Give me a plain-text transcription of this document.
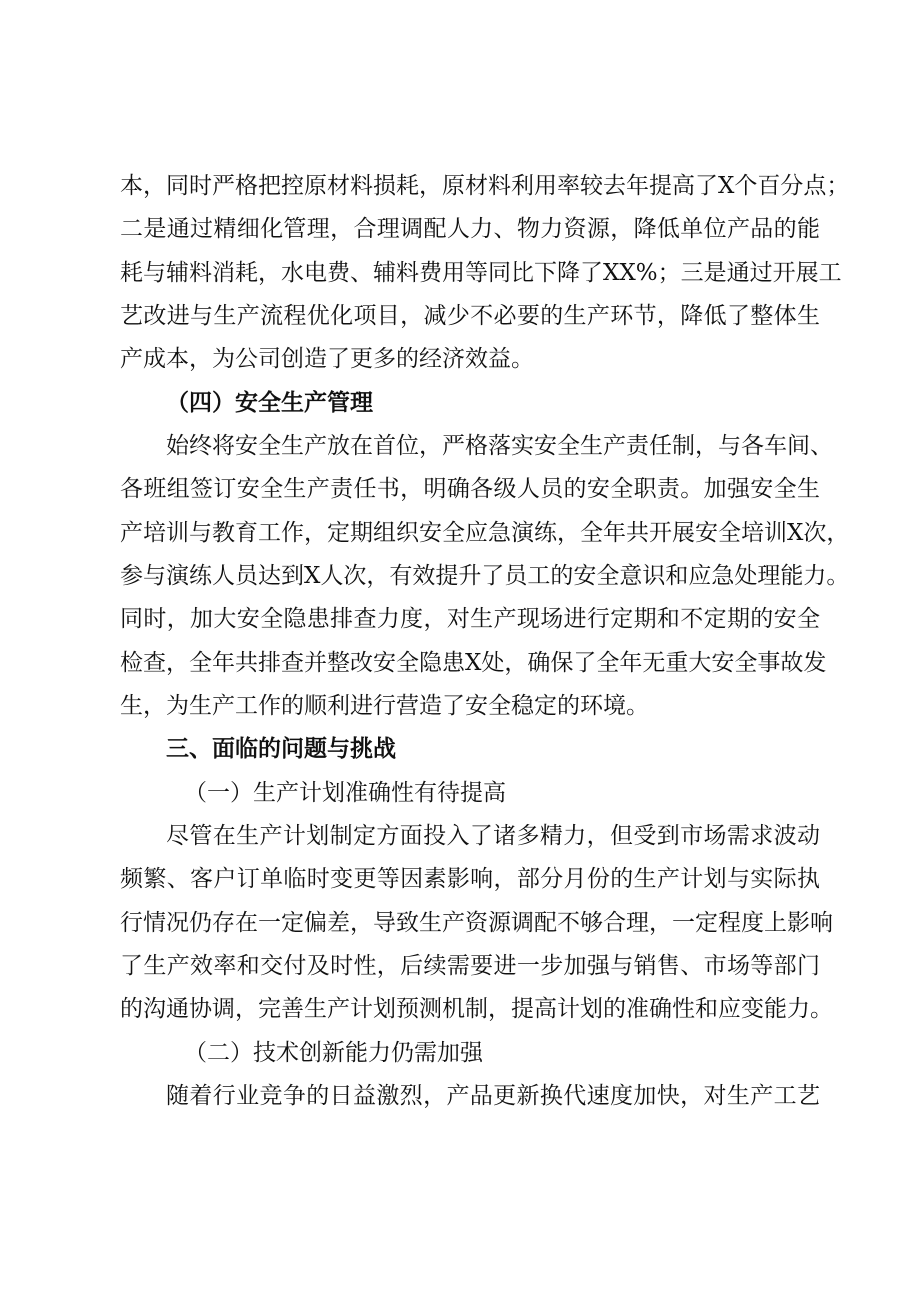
本，同时严格把控原材料损耗，原材料利用率较去年提高了X个百分点；
二是通过精细化管理，合理调配人力、物力资源，降低单位产品的能
耗与辅料消耗，水电费、辅料费用等同比下降了XX%；三是通过开展工
艺改进与生产流程优化项目，减少不必要的生产环节，降低了整体生
产成本，为公司创造了更多的经济效益。
（四）安全生产管理
始终将安全生产放在首位，严格落实安全生产责任制，与各车间、
各班组签订安全生产责任书，明确各级人员的安全职责。加强安全生
产培训与教育工作，定期组织安全应急演练，全年共开展安全培训X次，
参与演练人员达到X人次，有效提升了员工的安全意识和应急处理能力。
同时，加大安全隐患排查力度，对生产现场进行定期和不定期的安全
检查，全年共排查并整改安全隐患X处，确保了全年无重大安全事故发
生，为生产工作的顺利进行营造了安全稳定的环境。
三、面临的问题与挑战
（一）生产计划准确性有待提高
尽管在生产计划制定方面投入了诸多精力，但受到市场需求波动
频繁、客户订单临时变更等因素影响，部分月份的生产计划与实际执
行情况仍存在一定偏差，导致生产资源调配不够合理，一定程度上影响
了生产效率和交付及时性，后续需要进一步加强与销售、市场等部门
的沟通协调，完善生产计划预测机制，提高计划的准确性和应变能力。
（二）技术创新能力仍需加强
随着行业竞争的日益激烈，产品更新换代速度加快，对生产工艺
